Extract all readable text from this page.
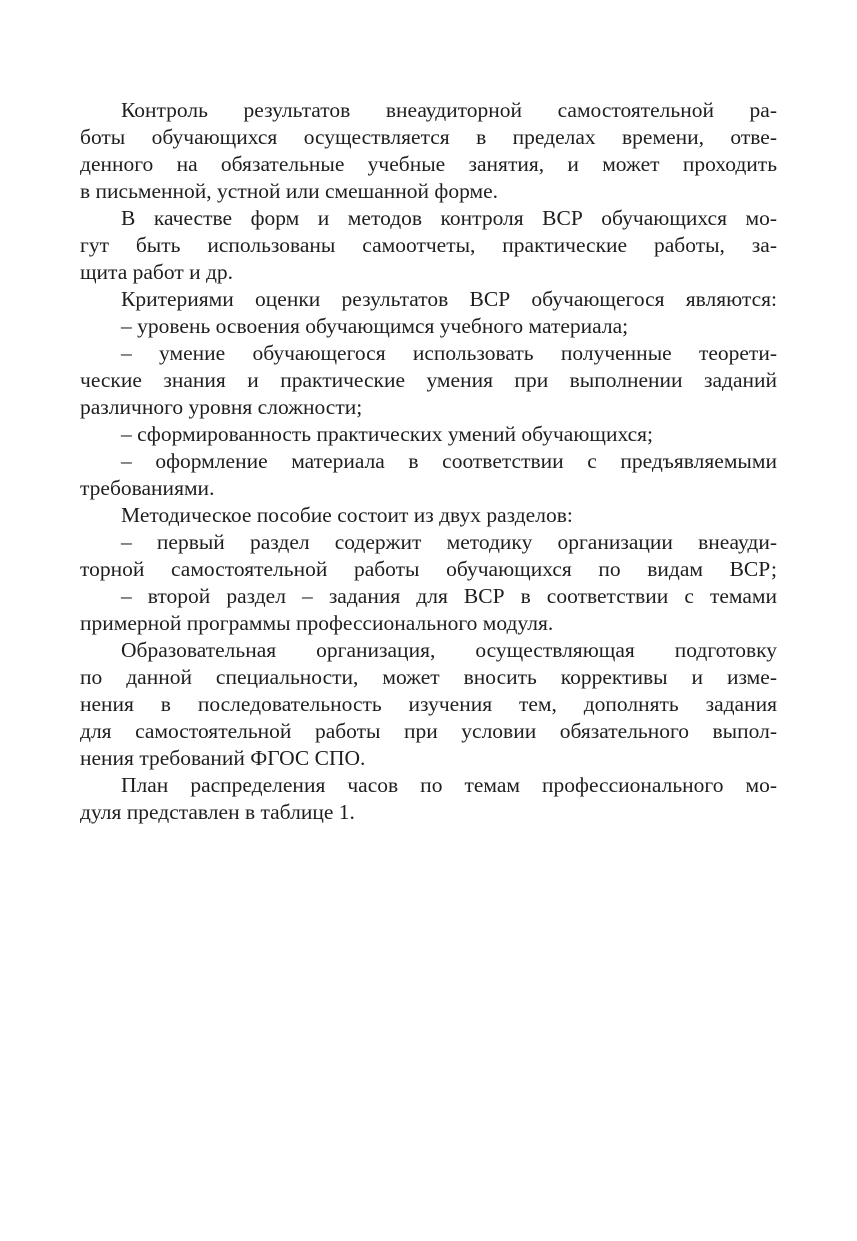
Контроль результатов внеаудиторной самостоятельной ра-
боты обучающихся осуществляется в пределах времени, отве-
денного на обязательные учебные занятия, и может проходить
в письменной, устной или смешанной форме.
В качестве форм и методов контроля ВСР обучающихся мо-
гут быть использованы самоотчеты, практические работы, за-
щита работ и др.
Критериями оценки результатов ВСР обучающегося являются:
– уровень освоения обучающимся учебного материала;
– умение обучающегося использовать полученные теорети-
ческие знания и практические умения при выполнении заданий
различного уровня сложности;
– сформированность практических умений обучающихся;
– оформление материала в соответствии с предъявляемыми
требованиями.
Методическое пособие состоит из двух разделов:
– первый раздел содержит методику организации внеауди-
торной самостоятельной работы обучающихся по видам ВСР;
– второй раздел – задания для ВСР в соответствии с темами
примерной программы профессионального модуля.
Образовательная организация, осуществляющая подготовку
по данной специальности, может вносить коррективы и изме-
нения в последовательность изучения тем, дополнять задания
для самостоятельной работы при условии обязательного выпол-
нения требований ФГОС СПО.
План распределения часов по темам профессионального мо-
дуля представлен в таблице 1.
